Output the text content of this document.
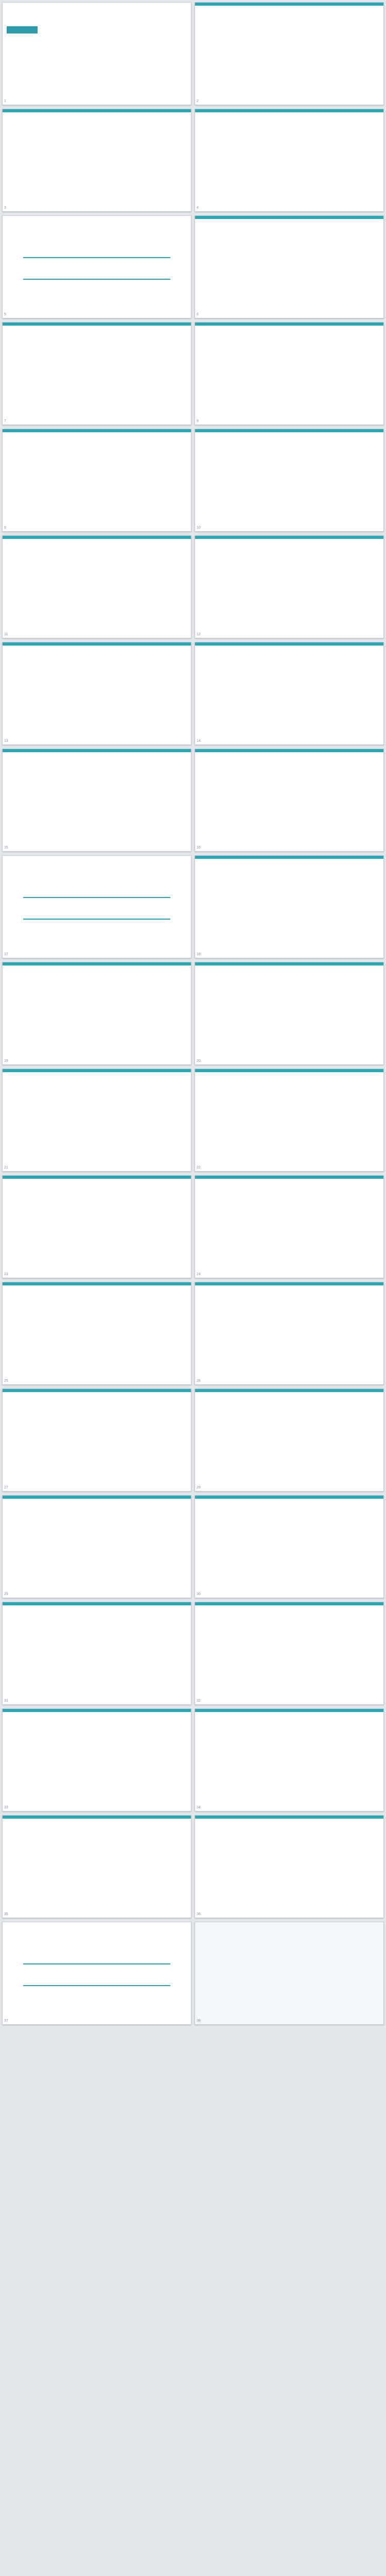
1	2
3	4
5	6
7	8
9	10
11	12
13	14
15	16
17	18
19	20
21	22
23	24
25	26
27	28
29	30
31	32
33	34
35	36
37	38
